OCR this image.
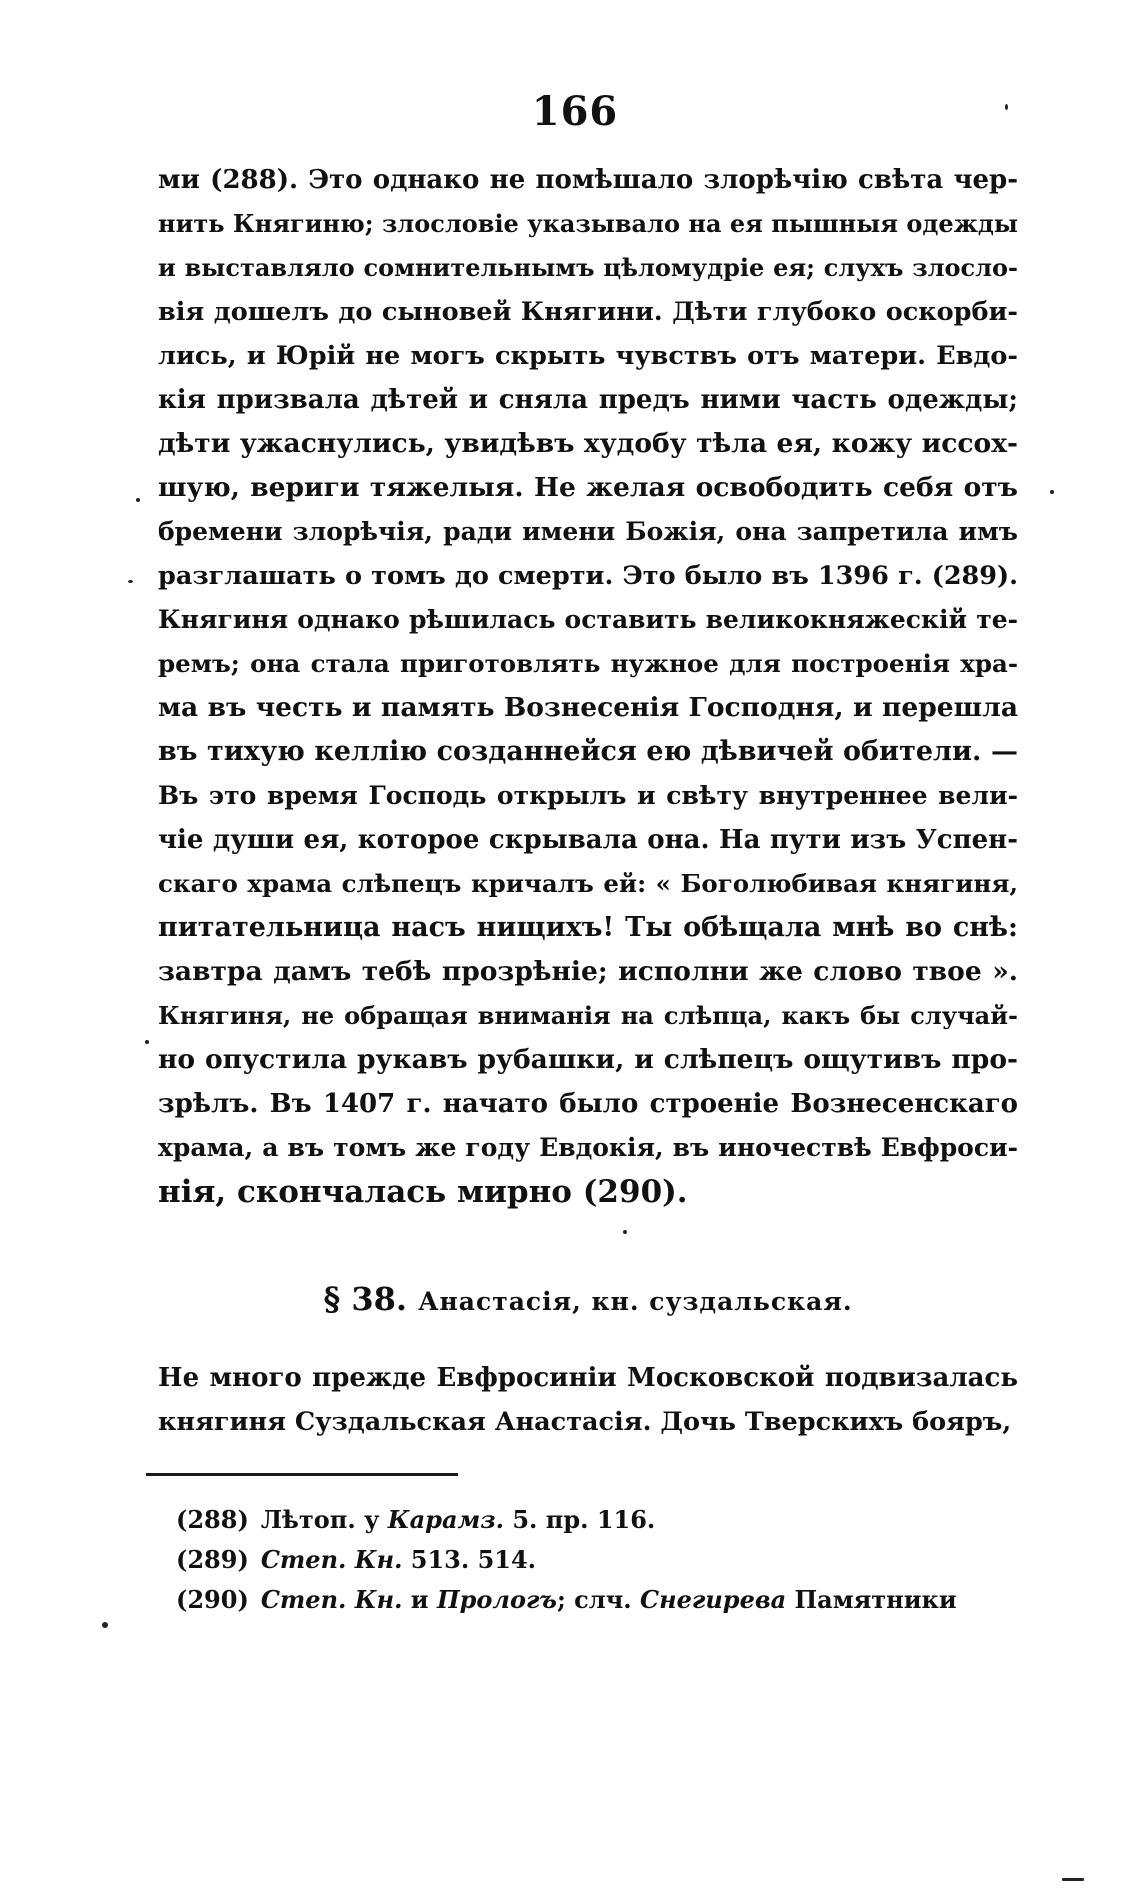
166
ми (288). Это однако не помѣшало злорѣчію свѣта чер-
нить Княгиню; злословіе указывало на ея пышныя одежды
и выставляло сомнительнымъ цѣломудріе ея; слухъ злосло-
вія дошелъ до сыновей Княгини. Дѣти глубоко оскорби-
лись, и Юрій не могъ скрыть чувствъ отъ матери. Евдо-
кія призвала дѣтей и сняла предъ ними часть одежды;
дѣти ужаснулись, увидѣвъ худобу тѣла ея, кожу иссох-
шую, вериги тяжелыя. Не желая освободить себя отъ
бремени злорѣчія, ради имени Божія, она запретила имъ
разглашать о томъ до смерти. Это было въ 1396 г. (289).
Княгиня однако рѣшилась оставить великокняжескій те-
ремъ; она стала приготовлять нужное для построенія хра-
ма въ честь и память Вознесенія Господня, и перешла
въ тихую келлію созданнейся ею дѣвичей обители. —
Въ это время Господь открылъ и свѣту внутреннее вели-
чіе души ея, которое скрывала она. На пути изъ Успен-
скаго храма слѣпецъ кричалъ ей: « Боголюбивая княгиня,
питательница насъ нищихъ! Ты обѣщала мнѣ во снѣ:
завтра дамъ тебѣ прозрѣніе; исполни же слово твое ».
Княгиня, не обращая вниманія на слѣпца, какъ бы случай-
но опустила рукавъ рубашки, и слѣпецъ ощутивъ про-
зрѣлъ. Въ 1407 г. начато было строеніе Вознесенскаго
храма, а въ томъ же году Евдокія, въ иночествѣ Евфроси-
нія, скончалась мирно (290).
§ 38. Анастасія, кн. суздальская.
Не много прежде Евфросиніи Московской подвизалась
княгиня Суздальская Анастасія. Дочь Тверскихъ бояръ,
(288) Лѣтоп. у Карамз. 5. пр. 116.
(289) Степ. Кн. 513. 514.
(290) Степ. Кн. и Прологъ; слч. Снегирева Памятники
